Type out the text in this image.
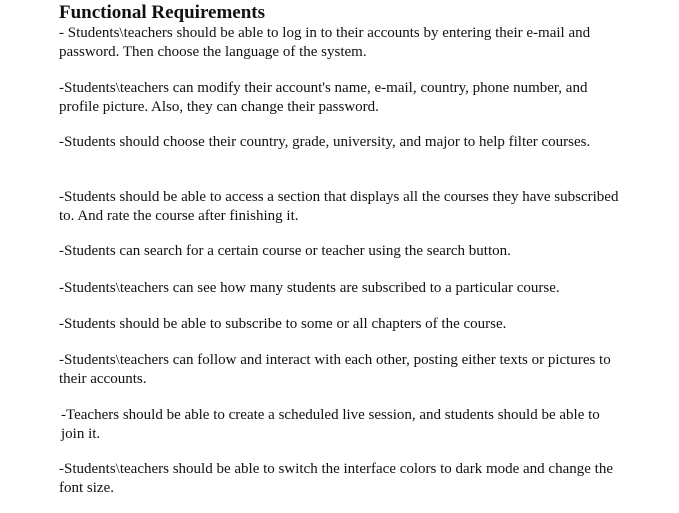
Functional Requirements

- Students\teachers should be able to log in to their accounts by entering their e-mail and password. Then choose the language of the system.

-Students\teachers can modify their account's name, e-mail, country, phone number, and profile picture. Also, they can change their password.

-Students should choose their country, grade, university, and major to help filter courses.

-Students should be able to access a section that displays all the courses they have subscribed to. And rate the course after finishing it.

-Students can search for a certain course or teacher using the search button.

-Students\teachers can see how many students are subscribed to a particular course.

-Students should be able to subscribe to some or all chapters of the course.

-Students\teachers can follow and interact with each other, posting either texts or pictures to their accounts.

-Teachers should be able to create a scheduled live session, and students should be able to join it.

-Students\teachers should be able to switch the interface colors to dark mode and change the font size.
